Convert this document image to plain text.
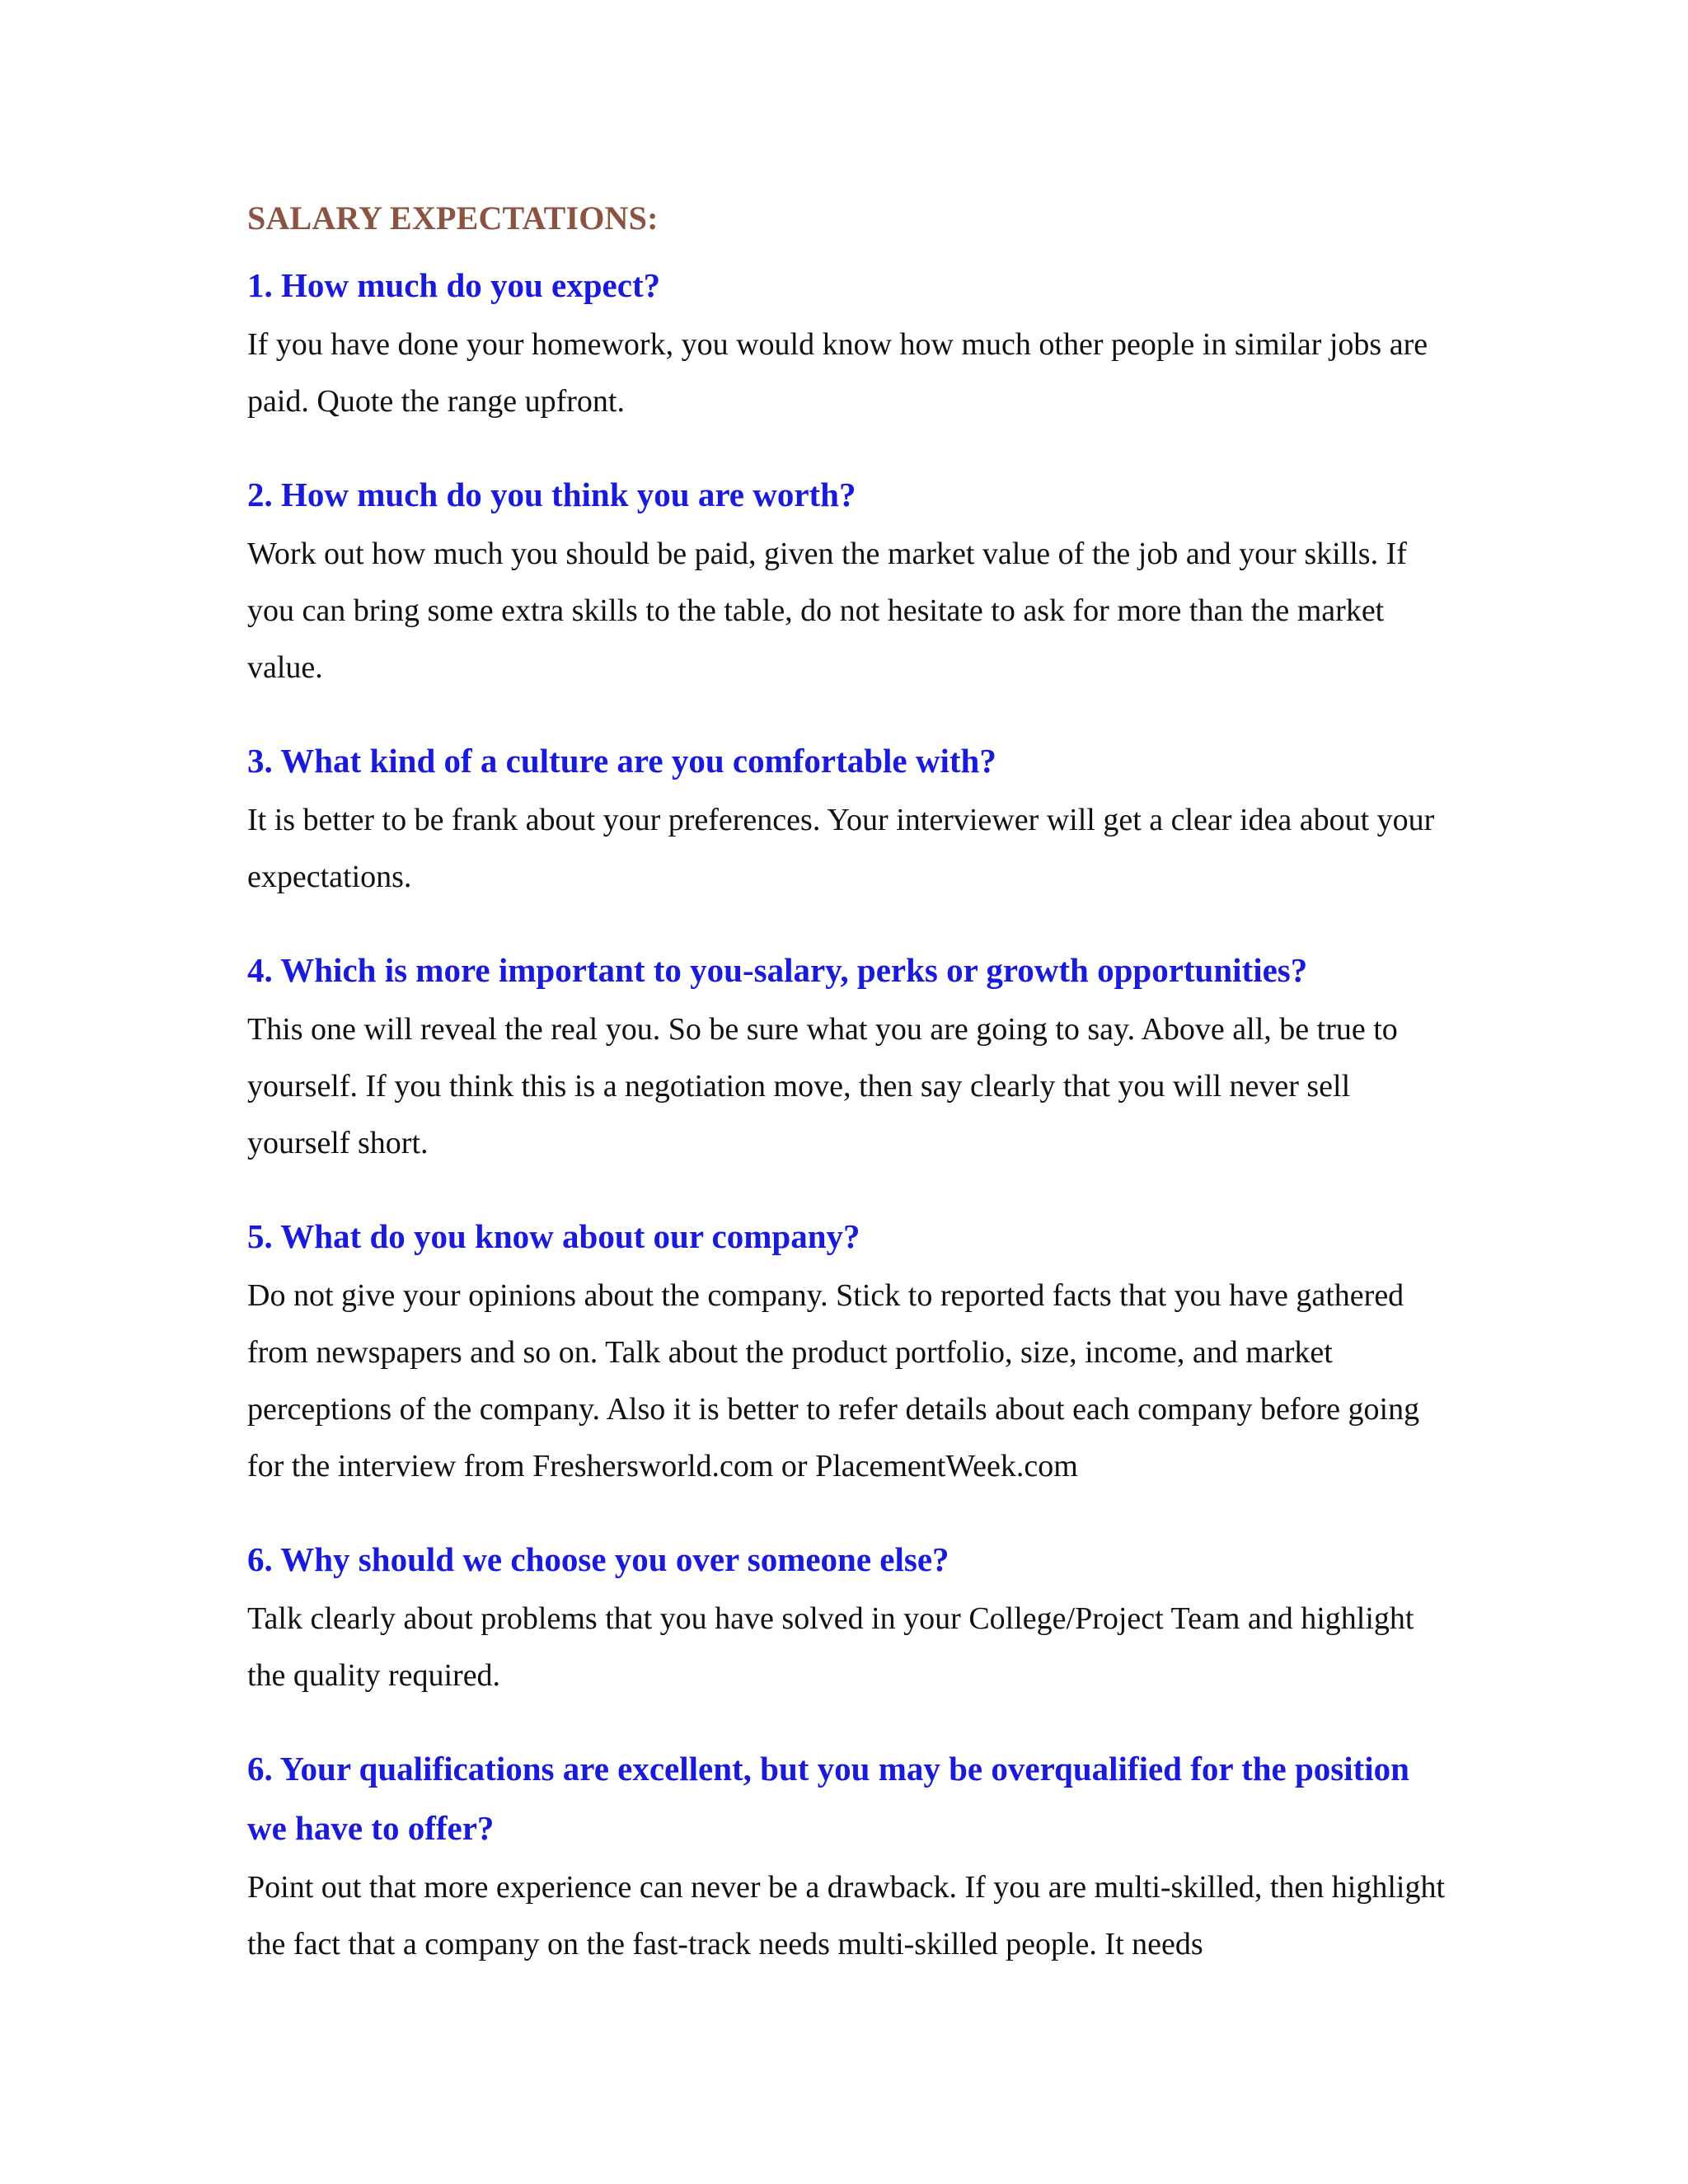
SALARY EXPECTATIONS:
1. How much do you expect?

If you have done your homework, you would know how much other people in similar jobs are paid. Quote the range upfront.

2. How much do you think you are worth?

Work out how much you should be paid, given the market value of the job and your skills. If you can bring some extra skills to the table, do not hesitate to ask for more than the market value.

3. What kind of a culture are you comfortable with?

It is better to be frank about your preferences. Your interviewer will get a clear idea about your expectations.

4. Which is more important to you-salary, perks or growth opportunities?

This one will reveal the real you. So be sure what you are going to say. Above all, be true to yourself. If you think this is a negotiation move, then say clearly that you will never sell yourself short.

5. What do you know about our company?

Do not give your opinions about the company. Stick to reported facts that you have gathered from newspapers and so on. Talk about the product portfolio, size, income, and market perceptions of the company. Also it is better to refer details about each company before going for the interview from Freshersworld.com or PlacementWeek.com

6. Why should we choose you over someone else?

Talk clearly about problems that you have solved in your College/Project Team and highlight the quality required.

6. Your qualifications are excellent, but you may be overqualified for the position we have to offer?

Point out that more experience can never be a drawback. If you are multi-skilled, then highlight the fact that a company on the fast-track needs multi-skilled people. It needs
